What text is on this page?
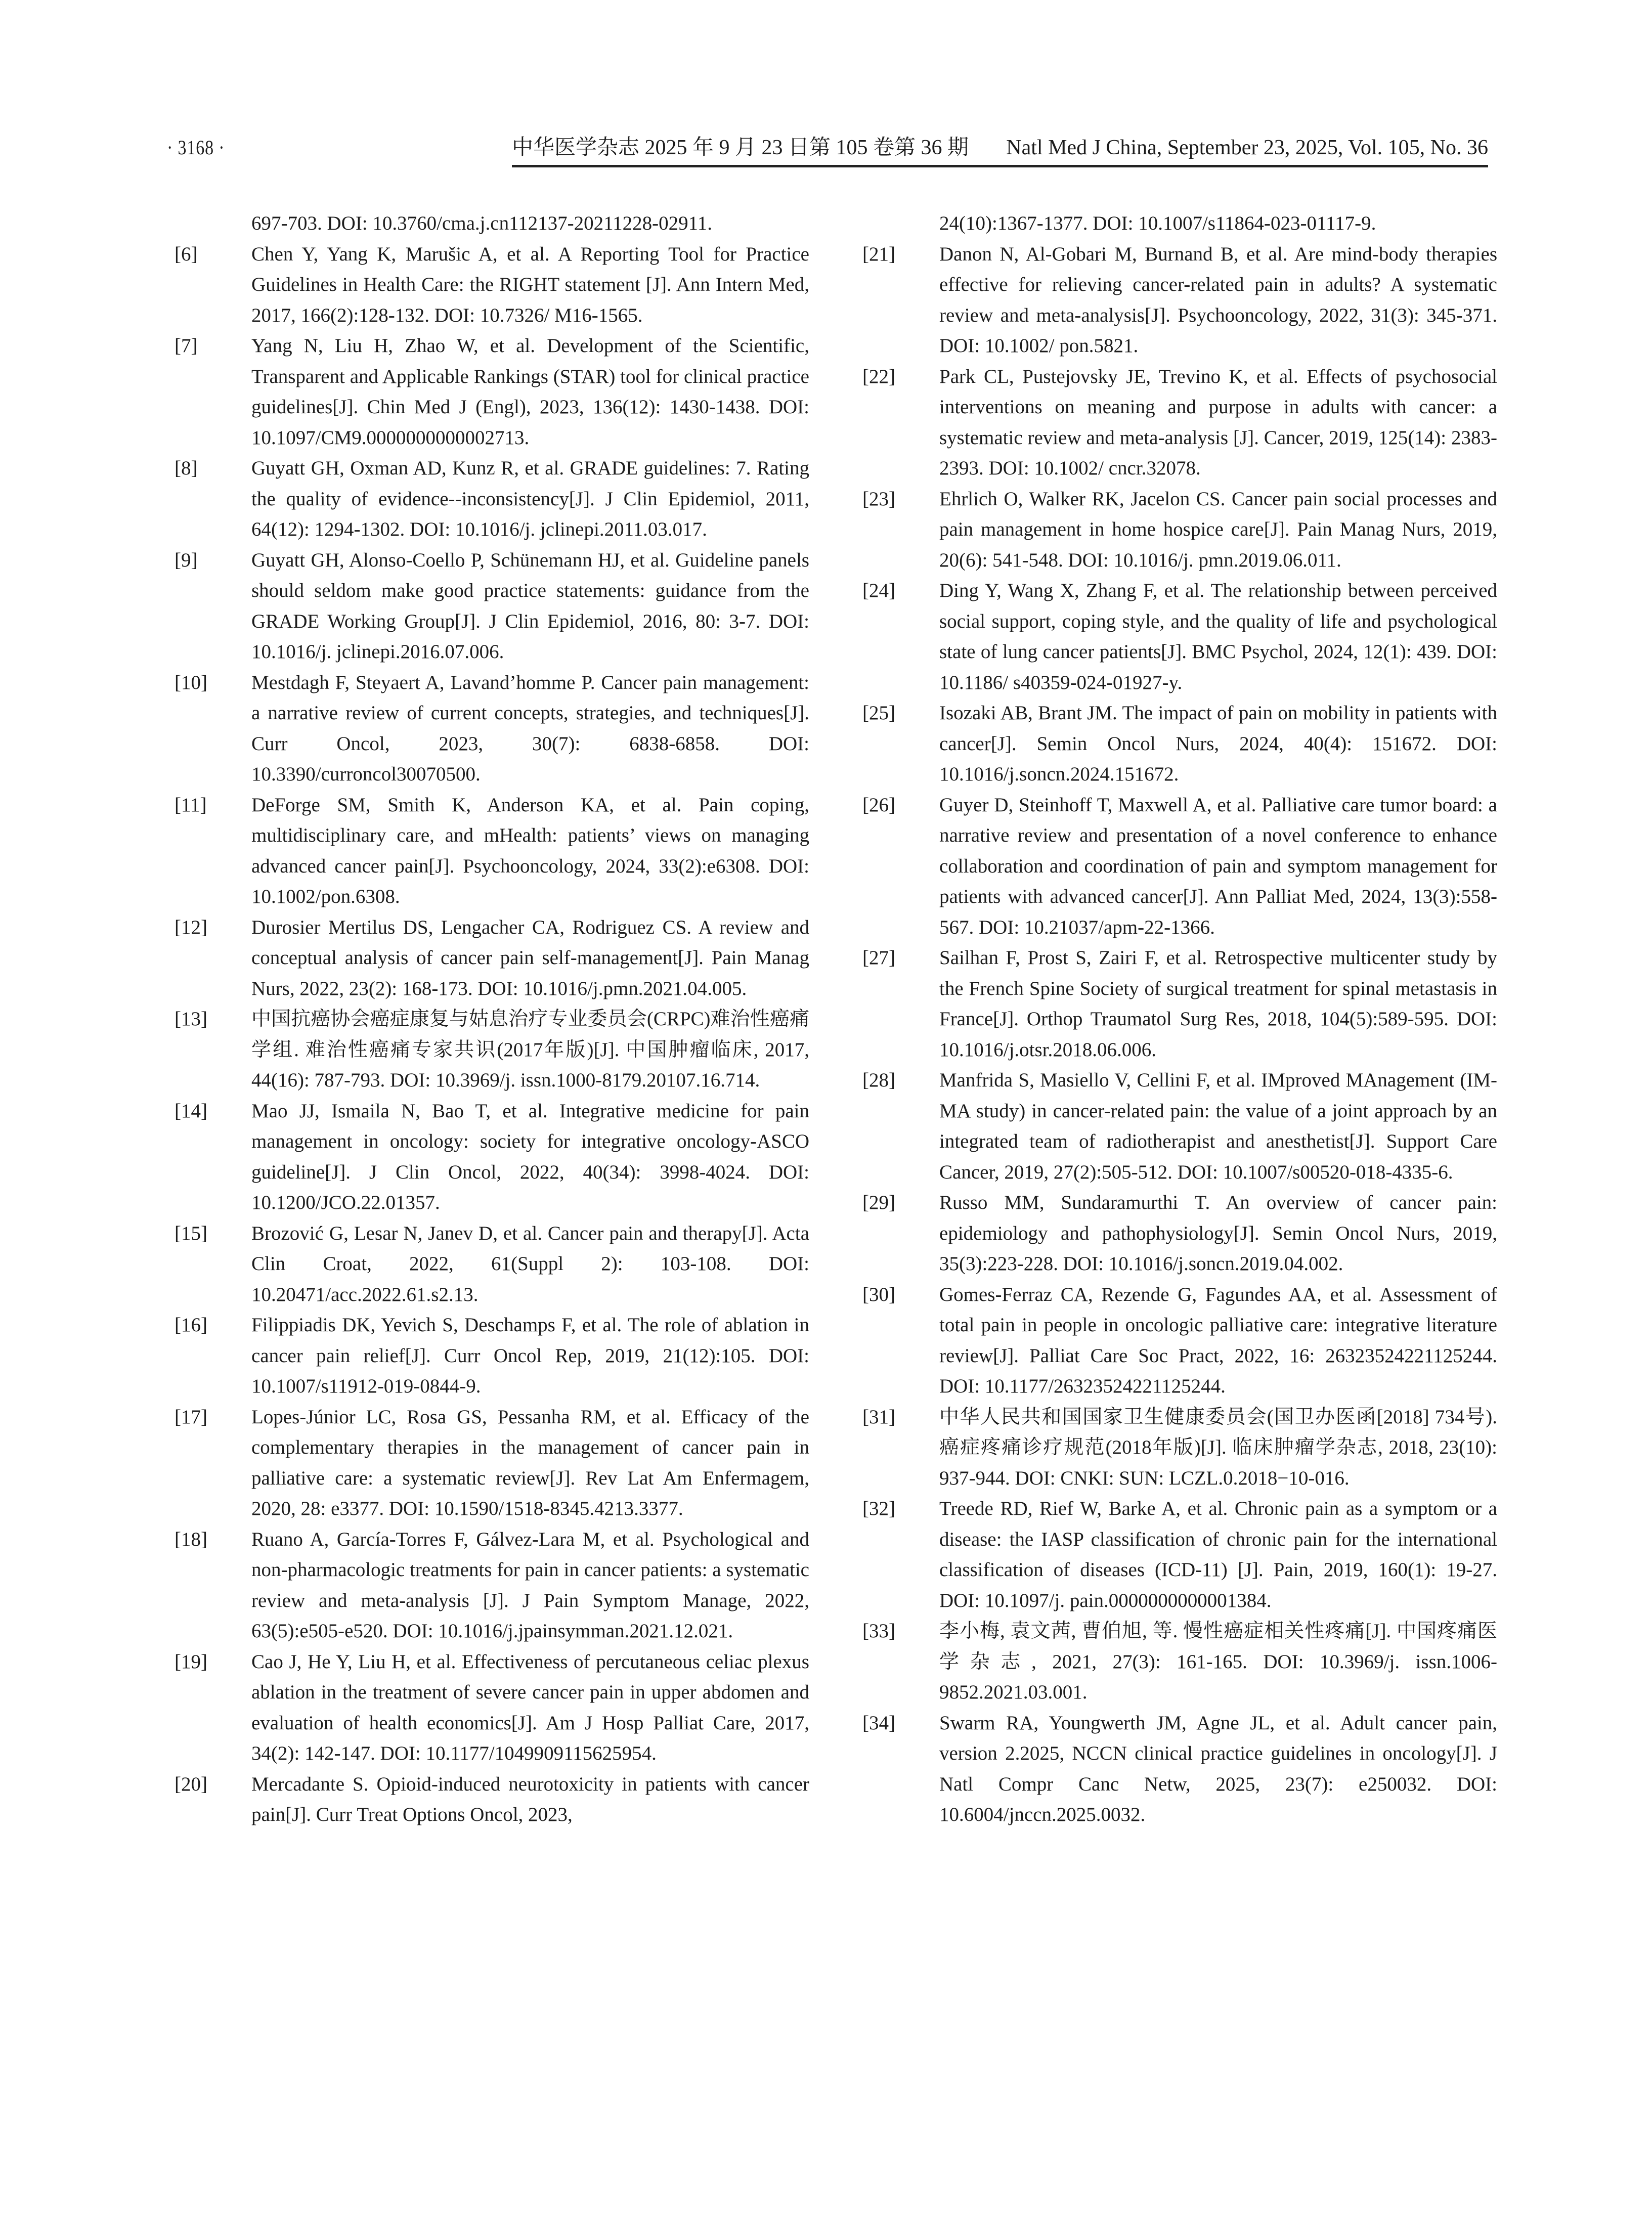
· 3168 ·	中华医学杂志 2025 年 9 月 23 日第 105 卷第 36 期 Natl Med J China, September 23, 2025, Vol. 105, No. 36
697-703. DOI: 10.3760/cma.j.cn112137-20211228-02911.
[6]	Chen Y, Yang K, Marušic A, et al. A Reporting Tool for Practice Guidelines in Health Care: the RIGHT statement [J]. Ann Intern Med, 2017, 166(2):128-132. DOI: 10.7326/ M16-1565.
[7]	Yang N, Liu H, Zhao W, et al. Development of the Scientific, Transparent and Applicable Rankings (STAR) tool for clinical practice guidelines[J]. Chin Med J (Engl), 2023, 136(12): 1430-1438. DOI: 10.1097/CM9.0000000000002713.
[8]	Guyatt GH, Oxman AD, Kunz R, et al. GRADE guidelines: 7. Rating the quality of evidence--inconsistency[J]. J Clin Epidemiol, 2011, 64(12): 1294-1302. DOI: 10.1016/j. jclinepi.2011.03.017.
[9]	Guyatt GH, Alonso-Coello P, Schünemann HJ, et al. Guideline panels should seldom make good practice statements: guidance from the GRADE Working Group[J]. J Clin Epidemiol, 2016, 80: 3-7. DOI: 10.1016/j. jclinepi.2016.07.006.
[10]	Mestdagh F, Steyaert A, Lavand’homme P. Cancer pain management: a narrative review of current concepts, strategies, and techniques[J]. Curr Oncol, 2023, 30(7): 6838-6858. DOI: 10.3390/curroncol30070500.
[11]	DeForge SM, Smith K, Anderson KA, et al. Pain coping, multidisciplinary care, and mHealth: patients’ views on managing advanced cancer pain[J]. Psychooncology, 2024, 33(2):e6308. DOI: 10.1002/pon.6308.
[12]	Durosier Mertilus DS, Lengacher CA, Rodriguez CS. A review and conceptual analysis of cancer pain self-management[J]. Pain Manag Nurs, 2022, 23(2): 168-173. DOI: 10.1016/j.pmn.2021.04.005.
[13]	中国抗癌协会癌症康复与姑息治疗专业委员会(CRPC)难治性癌痛学组. 难治性癌痛专家共识(2017年版)[J]. 中国肿瘤临床, 2017, 44(16): 787-793. DOI: 10.3969/j. issn.1000-8179.20107.16.714.
[14]	Mao JJ, Ismaila N, Bao T, et al. Integrative medicine for pain management in oncology: society for integrative oncology-ASCO guideline[J]. J Clin Oncol, 2022, 40(34): 3998-4024. DOI: 10.1200/JCO.22.01357.
[15]	Brozović G, Lesar N, Janev D, et al. Cancer pain and therapy[J]. Acta Clin Croat, 2022, 61(Suppl 2): 103-108. DOI: 10.20471/acc.2022.61.s2.13.
[16]	Filippiadis DK, Yevich S, Deschamps F, et al. The role of ablation in cancer pain relief[J]. Curr Oncol Rep, 2019, 21(12):105. DOI: 10.1007/s11912-019-0844-9.
[17]	Lopes-Júnior LC, Rosa GS, Pessanha RM, et al. Efficacy of the complementary therapies in the management of cancer pain in palliative care: a systematic review[J]. Rev Lat Am Enfermagem, 2020, 28: e3377. DOI: 10.1590/1518-8345.4213.3377.
[18]	Ruano A, García-Torres F, Gálvez-Lara M, et al. Psychological and non-pharmacologic treatments for pain in cancer patients: a systematic review and meta-analysis [J]. J Pain Symptom Manage, 2022, 63(5):e505-e520. DOI: 10.1016/j.jpainsymman.2021.12.021.
[19]	Cao J, He Y, Liu H, et al. Effectiveness of percutaneous celiac plexus ablation in the treatment of severe cancer pain in upper abdomen and evaluation of health economics[J]. Am J Hosp Palliat Care, 2017, 34(2): 142-147. DOI: 10.1177/1049909115625954.
[20]	Mercadante S. Opioid-induced neurotoxicity in patients with cancer pain[J]. Curr Treat Options Oncol, 2023,
24(10):1367-1377. DOI: 10.1007/s11864-023-01117-9.
[21]	Danon N, Al-Gobari M, Burnand B, et al. Are mind-body therapies effective for relieving cancer-related pain in adults? A systematic review and meta-analysis[J]. Psychooncology, 2022, 31(3): 345-371. DOI: 10.1002/ pon.5821.
[22]	Park CL, Pustejovsky JE, Trevino K, et al. Effects of psychosocial interventions on meaning and purpose in adults with cancer: a systematic review and meta-analysis [J]. Cancer, 2019, 125(14): 2383-2393. DOI: 10.1002/ cncr.32078.
[23]	Ehrlich O, Walker RK, Jacelon CS. Cancer pain social processes and pain management in home hospice care[J]. Pain Manag Nurs, 2019, 20(6): 541-548. DOI: 10.1016/j. pmn.2019.06.011.
[24]	Ding Y, Wang X, Zhang F, et al. The relationship between perceived social support, coping style, and the quality of life and psychological state of lung cancer patients[J]. BMC Psychol, 2024, 12(1): 439. DOI: 10.1186/ s40359-024-01927-y.
[25]	Isozaki AB, Brant JM. The impact of pain on mobility in patients with cancer[J]. Semin Oncol Nurs, 2024, 40(4): 151672. DOI: 10.1016/j.soncn.2024.151672.
[26]	Guyer D, Steinhoff T, Maxwell A, et al. Palliative care tumor board: a narrative review and presentation of a novel conference to enhance collaboration and coordination of pain and symptom management for patients with advanced cancer[J]. Ann Palliat Med, 2024, 13(3):558-567. DOI: 10.21037/apm-22-1366.
[27]	Sailhan F, Prost S, Zairi F, et al. Retrospective multicenter study by the French Spine Society of surgical treatment for spinal metastasis in France[J]. Orthop Traumatol Surg Res, 2018, 104(5):589-595. DOI: 10.1016/j.otsr.2018.06.006.
[28]	Manfrida S, Masiello V, Cellini F, et al. IMproved MAnagement (IM-MA study) in cancer-related pain: the value of a joint approach by an integrated team of radiotherapist and anesthetist[J]. Support Care Cancer, 2019, 27(2):505-512. DOI: 10.1007/s00520-018-4335-6.
[29]	Russo MM, Sundaramurthi T. An overview of cancer pain: epidemiology and pathophysiology[J]. Semin Oncol Nurs, 2019, 35(3):223-228. DOI: 10.1016/j.soncn.2019.04.002.
[30]	Gomes-Ferraz CA, Rezende G, Fagundes AA, et al. Assessment of total pain in people in oncologic palliative care: integrative literature review[J]. Palliat Care Soc Pract, 2022, 16: 26323524221125244. DOI: 10.1177/26323524221125244.
[31]	中华人民共和国国家卫生健康委员会(国卫办医函[2018] 734号). 癌症疼痛诊疗规范(2018年版)[J]. 临床肿瘤学杂志, 2018, 23(10): 937-944. DOI: CNKI: SUN: LCZL.0.2018−10-016.
[32]	Treede RD, Rief W, Barke A, et al. Chronic pain as a symptom or a disease: the IASP classification of chronic pain for the international classification of diseases (ICD-11) [J]. Pain, 2019, 160(1): 19-27. DOI: 10.1097/j. pain.0000000000001384.
[33]	李小梅, 袁文茜, 曹伯旭, 等. 慢性癌症相关性疼痛[J]. 中国疼痛医学杂志, 2021, 27(3): 161-165. DOI: 10.3969/j. issn.1006-9852.2021.03.001.
[34]	Swarm RA, Youngwerth JM, Agne JL, et al. Adult cancer pain, version 2.2025, NCCN clinical practice guidelines in oncology[J]. J Natl Compr Canc Netw, 2025, 23(7): e250032. DOI: 10.6004/jnccn.2025.0032.
